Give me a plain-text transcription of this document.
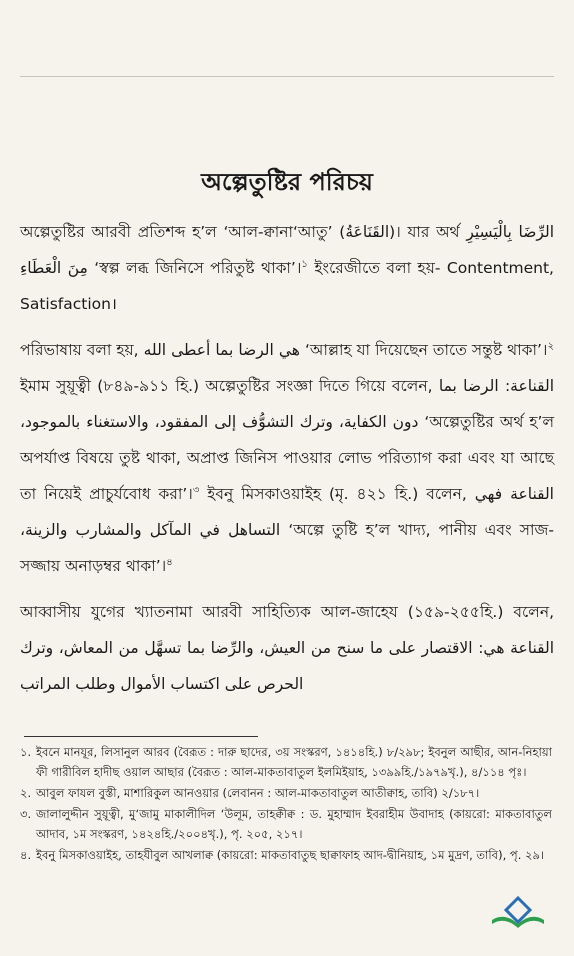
অল্পেতুষ্টির পরিচয়

অল্পেতুষ্টির আরবী প্রতিশব্দ হ’ল ‘আল-ক্বানা‘আতু’ (القَنَاعَةُ)। যার অর্থ الرِّضَا بِالْيَسِيْرِ مِنَ الْعَطَاءِ ‘স্বল্প লব্ধ জিনিসে পরিতুষ্ট থাকা’।$^১$ ইংরেজীতে বলা হয়- Contentment, Satisfaction।

পরিভাষায় বলা হয়, هي الرضا بما أعطى الله ‘আল্লাহ যা দিয়েছেন তাতে সন্তুষ্ট থাকা’।$^২$ ইমাম সুয়ূত্বী (৮৪৯-৯১১ হি.) অল্পেতুষ্টির সংজ্ঞা দিতে গিয়ে বলেন, القناعة: الرضا بما دون الكفاية، وترك التشوُّف إلى المفقود، والاستغناء بالموجود، ‘অল্পেতুষ্টির অর্থ হ’ল অপর্যাপ্ত বিষয়ে তুষ্ট থাকা, অপ্রাপ্ত জিনিস পাওয়ার লোভ পরিত্যাগ করা এবং যা আছে তা নিয়েই প্রাচুর্যবোধ করা’।$^৩$ ইবনু মিসকাওয়াইহ (মৃ. ৪২১ হি.) বলেন, القناعة فهي التساهل في المآكل والمشارب والزينة، ‘অল্পে তুষ্টি হ’ল খাদ্য, পানীয় এবং সাজ-সজ্জায় অনাড়ম্বর থাকা’।$^৪$

আব্বাসীয় যুগের খ্যাতনামা আরবী সাহিত্যিক আল-জাহেয (১৫৯-২৫৫হি.) বলেন, القناعة هي: الاقتصار على ما سنح من العيش، والرِّضا بما تسهَّل من المعاش، وترك الحرص على اكتساب الأموال وطلب المراتب

১. ইবনে মানযূর, লিসানুল আরব (বৈরূত : দারু ছাদের, ৩য় সংস্করণ, ১৪১৪হি.) ৮/২৯৮; ইবনুল আছীর, আন-নিহায়া ফী গারীবিল হাদীছ ওয়াল আছার (বৈরূত : আল-মাকতাবাতুল ইলমিইয়াহ, ১৩৯৯হি./১৯৭৯খৃ.), ৪/১১৪ পৃঃ।
২. আবুল ফাযল বুস্তী, মাশারিকুল আনওয়ার (লেবানন : আল-মাকতাবাতুল আতীক্বাহ, তাবি) ২/১৮৭।
৩. জালালুদ্দীন সুয়ূত্বী, মু‘জামু মাকালীদিল ‘উলূম, তাহক্বীক্ব : ড. মুহাম্মাদ ইবরাহীম উবাদাহ (কায়রো: মাকতাবাতুল আদাব, ১ম সংস্করণ, ১৪২৪হি./২০০৪খৃ.), পৃ. ২০৫, ২১৭।
৪. ইবনু মিসকাওয়াইহ, তাহযীবুল আখলাক্ব (কায়রো: মাকতাবাতুছ ছাক্বাফাহ আদ-দ্বীনিয়াহ, ১ম মুদ্রণ, তাবি), পৃ. ২৯।
